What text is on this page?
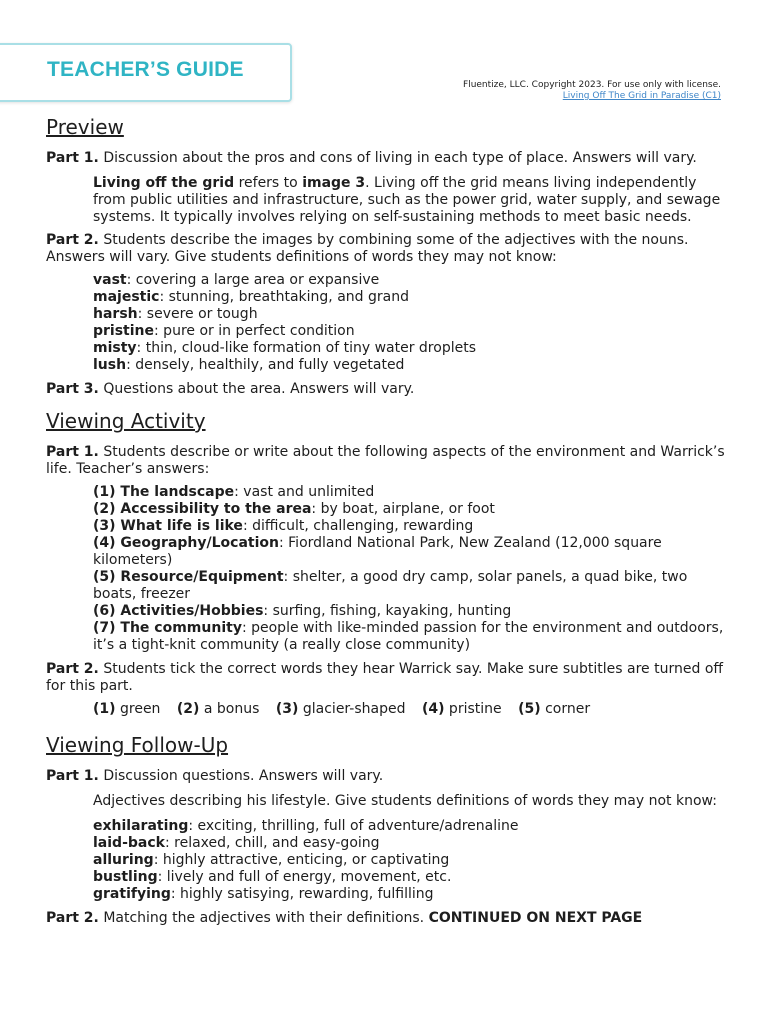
TEACHER’S GUIDE
Fluentize, LLC. Copyright 2023. For use only with license.
Living Off The Grid in Paradise (C1)
Preview

Part 1. Discussion about the pros and cons of living in each type of place. Answers will vary.

Living off the grid refers to image 3. Living off the grid means living independently from public utilities and infrastructure, such as the power grid, water supply, and sewage systems. It typically involves relying on self-sustaining methods to meet basic needs.

Part 2. Students describe the images by combining some of the adjectives with the nouns. Answers will vary. Give students definitions of words they may not know:

vast: covering a large area or expansive
majestic: stunning, breathtaking, and grand
harsh: severe or tough
pristine: pure or in perfect condition
misty: thin, cloud-like formation of tiny water droplets
lush: densely, healthily, and fully vegetated

Part 3. Questions about the area. Answers will vary.

Viewing Activity

Part 1. Students describe or write about the following aspects of the environment and Warrick’s life. Teacher’s answers:

(1) The landscape: vast and unlimited
(2) Accessibility to the area: by boat, airplane, or foot
(3) What life is like: difficult, challenging, rewarding
(4) Geography/Location: Fiordland National Park, New Zealand (12,000 square kilometers)
(5) Resource/Equipment: shelter, a good dry camp, solar panels, a quad bike, two boats, freezer
(6) Activities/Hobbies: surfing, fishing, kayaking, hunting
(7) The community: people with like-minded passion for the environment and outdoors, it’s a tight-knit community (a really close community)

Part 2. Students tick the correct words they hear Warrick say. Make sure subtitles are turned off for this part.

(1) green (2) a bonus (3) glacier-shaped (4) pristine (5) corner
Viewing Follow-Up

Part 1. Discussion questions. Answers will vary.

Adjectives describing his lifestyle. Give students definitions of words they may not know:

exhilarating: exciting, thrilling, full of adventure/adrenaline
laid-back: relaxed, chill, and easy-going
alluring: highly attractive, enticing, or captivating
bustling: lively and full of energy, movement, etc.
gratifying: highly satisying, rewarding, fulfilling

Part 2. Matching the adjectives with their definitions. CONTINUED ON NEXT PAGE
